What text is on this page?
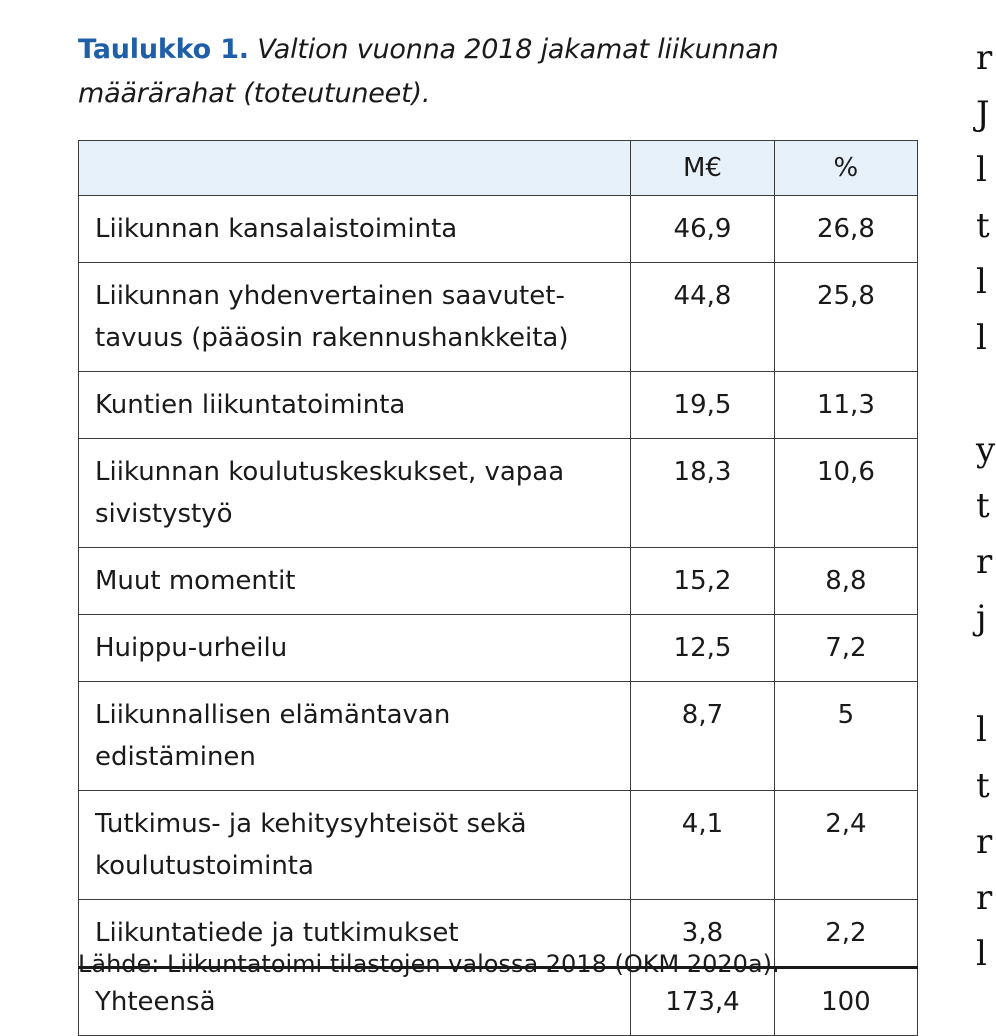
Taulukko 1. Valtion vuonna 2018 jakamat liikunnan määrärahat (toteutuneet).
	M€	%
Liikunnan kansalaistoiminta	46,9	26,8
Liikunnan yhdenvertainen saavutet-tavuus (pääosin rakennushankkeita)	44,8	25,8
Kuntien liikuntatoiminta	19,5	11,3
Liikunnan koulutuskeskukset, vapaa sivistystyö	18,3	10,6
Muut momentit	15,2	8,8
Huippu-urheilu	12,5	7,2
Liikunnallisen elämäntavan edistäminen	8,7	5
Tutkimus- ja kehitysyhteisöt sekä koulutustoiminta	4,1	2,4
Liikuntatiede ja tutkimukset	3,8	2,2
Yhteensä	173,4	100
Lähde: Liikuntatoimi tilastojen valossa 2018 (OKM 2020a).
r
J
l
t
l
l
y
t
r
j
l
t
r
r
l
